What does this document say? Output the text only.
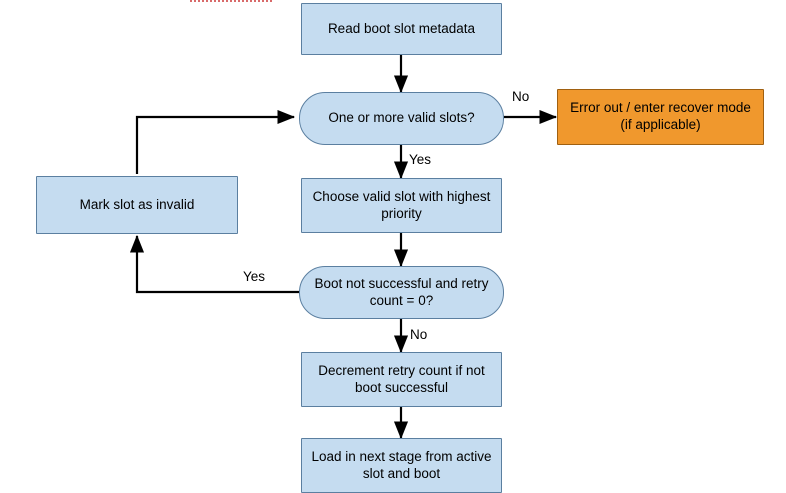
Read boot slot metadata
One or more valid slots?
Error out / enter recover mode (if applicable)
Choose valid slot with highest priority
Mark slot as invalid
Boot not successful and retry count = 0?
Decrement retry count if not boot successful
Load in next stage from active slot and boot
No
Yes
Yes
No
